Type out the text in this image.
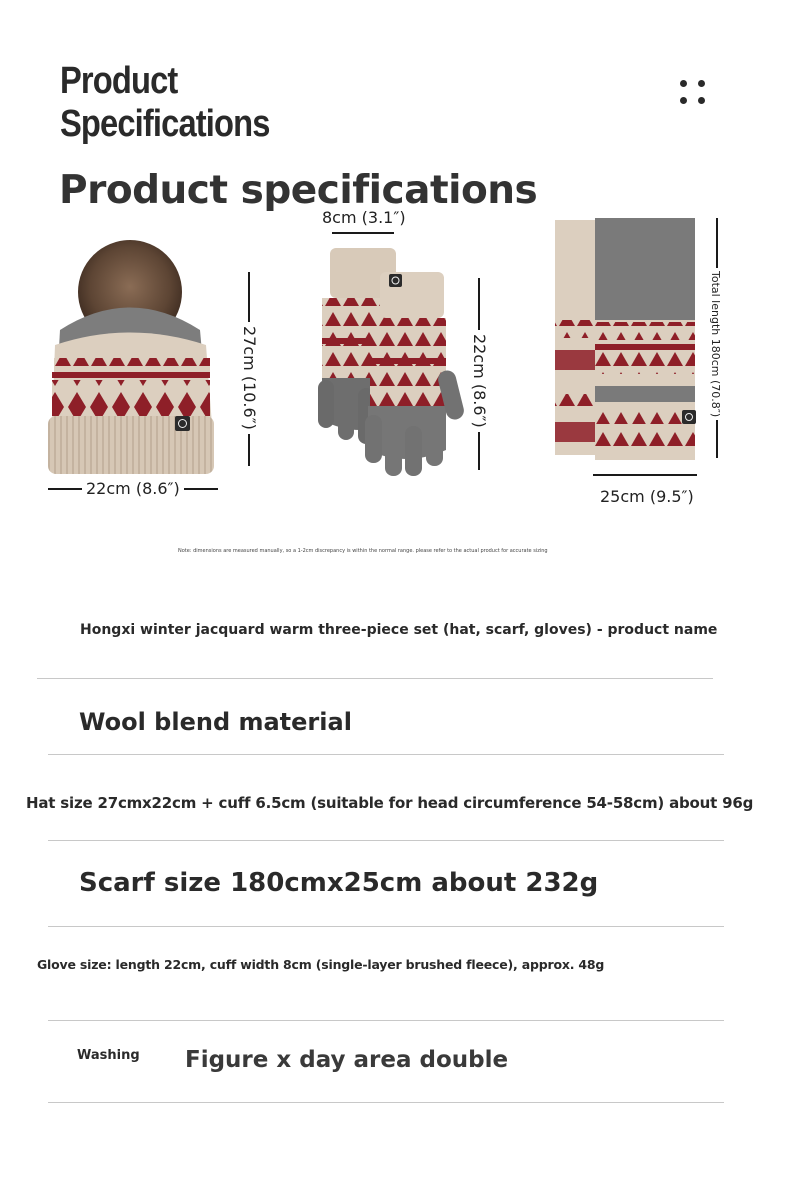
Product
Specifications
Product specifications
27cm (10.6″)
22cm (8.6″)
8cm (3.1″)
22cm (8.6″)	Total length 180cm (70.8″)
25cm (9.5″)
Note: dimensions are measured manually, so a 1-2cm discrepancy is within the normal range. please refer to the actual product for accurate sizing
Hongxi winter jacquard warm three-piece set (hat, scarf, gloves) - product name
Wool blend material
Hat size 27cmx22cm + cuff 6.5cm (suitable for head circumference 54-58cm) about 96g
Scarf size 180cmx25cm about 232g
Glove size: length 22cm, cuff width 8cm (single-layer brushed fleece), approx. 48g
Washing Figure x day area double
